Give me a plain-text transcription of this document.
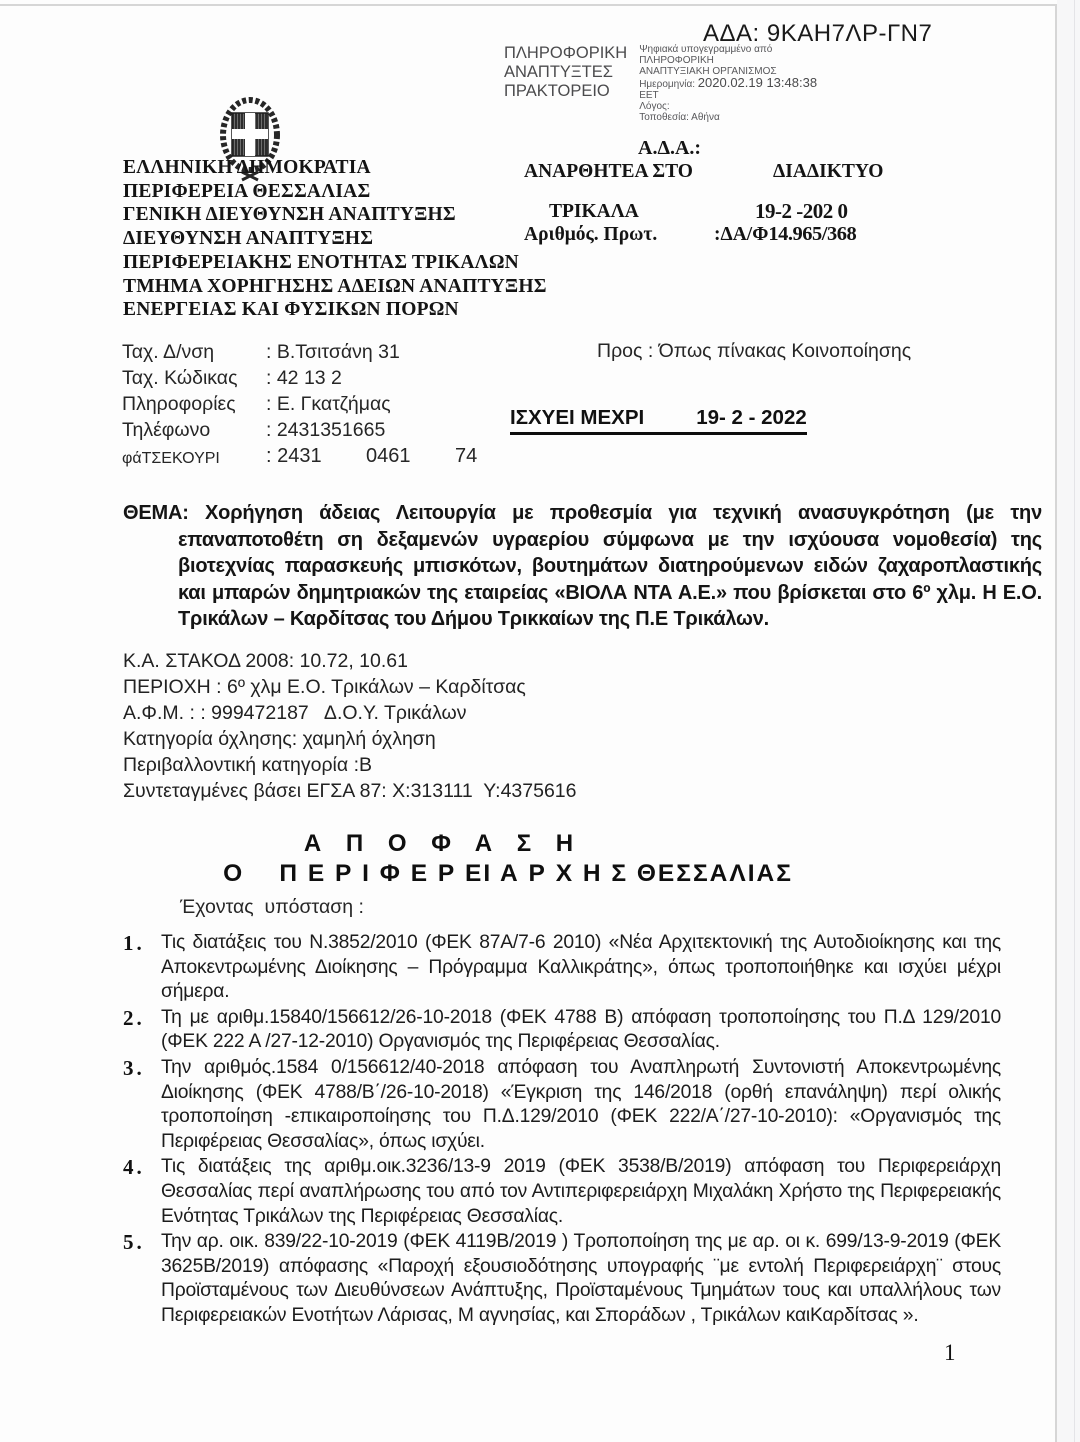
ΑΔΑ: 9ΚΑΗ7ΛΡ-ΓΝ7
ΠΛΗΡΟΦΟΡΙΚΗ
ΑΝΑΠΤΥΞΤΕΣ
ΠΡΑΚΤΟΡΕΙΟ
Ψηφιακά υπογεγραμμένο από
ΠΛΗΡΟΦΟΡΙΚΗ
ΑΝΑΠΤΥΞΙΑΚΗ ΟΡΓΑΝΙΣΜΟΣ
Ημερομηνία: 2020.02.19 13:48:38
EET
Λόγος:
Τοποθεσία: Αθήνα
ΕΛΛΗΝΙΚΗ ΔΗΜΟΚΡΑΤΙΑ
ΠΕΡΙΦΕΡΕΙΑ ΘΕΣΣΑΛΙΑΣ
ΓΕΝΙΚΗ ΔΙΕΥΘΥΝΣΗ ΑΝΑΠΤΥΞΗΣ
ΔΙΕΥΘΥΝΣΗ ΑΝΑΠΤΥΞΗΣ
ΠΕΡΙΦΕΡΕΙΑΚΗΣ ΕΝΟΤΗΤΑΣ ΤΡΙΚΑΛΩΝ
ΤΜΗΜΑ ΧΟΡΗΓΗΣΗΣ ΑΔΕΙΩΝ ΑΝΑΠΤΥΞΗΣ
ΕΝΕΡΓΕΙΑΣ ΚΑΙ ΦΥΣΙΚΩΝ ΠΟΡΩΝ
Α.Δ.Α.:
ΑΝΑΡΘΗΤΕΑ ΣΤΟ	ΔΙΑΔΙΚΤΥΟ
ΤΡΙΚΑΛΑ	19-2 -202 0
Αριθμός. Πρωτ.	:ΔΑ/Φ14.965/368
Ταχ. Δ/νση	: Β.Τσιτσάνη 31
Ταχ. Κώδικας	: 42 13 2
Πληροφορίες	: Ε. Γκατζήμας
Τηλέφωνο	: 2431351665
φάΤΣΕΚΟΥΡΙ	: 2431        0461        74
Προς : Όπως πίνακας Κοινοποίησης
ΙΣΧΥΕΙ ΜΕΧΡΙ	19- 2 - 2022

ΘΕΜΑ: Χορήγηση άδειας Λειτουργία με προθεσμία για τεχνική ανασυγκρότηση (με την επαναποτοθέτη ση δεξαμενών υγραερίου σύμφωνα με την ισχύουσα νομοθεσία) της βιοτεχνίας παρασκευής μπισκότων, βουτημάτων διατηρούμενων ειδών ζαχαροπλαστικής και μπαρών δημητριακών της εταιρείας «ΒΙΟΛΑ ΝΤΑ Α.Ε.» που βρίσκεται στο 6º χλμ. Η Ε.Ο. Τρικάλων – Καρδίτσας του Δήμου Τρικκαίων της Π.Ε Τρικάλων.

Κ.Α. ΣΤΑΚΟΔ 2008: 10.72, 10.61
ΠΕΡΙΟΧΗ : 6º χλμ Ε.Ο. Τρικάλων – Καρδίτσας
Α.Φ.Μ. : : 999472187   Δ.Ο.Υ. Τρικάλων
Κατηγορία όχλησης: χαμηλή όχληση
Περιβαλλοντική κατηγορία :Β
Συντεταγμένες βάσει ΕΓΣΑ 87: Χ:313111  Υ:4375616
Α Π Ο Φ Α Σ Η
Ο    Π Ε Ρ Ι Φ Ε Ρ ΕΙ Α Ρ Χ Η Σ ΘΕΣΣΑΛΙΑΣ
Έχοντας  υπόσταση :
1. Τις διατάξεις του Ν.3852/2010 (ΦΕΚ 87Α/7-6 2010) «Νέα Αρχιτεκτονική της Αυτοδιοίκησης και της Αποκεντρωμένης Διοίκησης – Πρόγραμμα Καλλικράτης», όπως τροποποιήθηκε και ισχύει μέχρι σήμερα.
2. Τη με αριθμ.15840/156612/26-10-2018 (ΦΕΚ 4788 Β) απόφαση τροποποίησης του Π.Δ 129/2010 (ΦΕΚ 222 Α /27-12-2010) Οργανισμός της Περιφέρειας Θεσσαλίας.
3. Την αριθμός.1584 0/156612/40-2018 απόφαση του Αναπληρωτή Συντονιστή Αποκεντρωμένης Διοίκησης (ΦΕΚ 4788/Β΄/26-10-2018) «Έγκριση της 146/2018 (ορθή επανάληψη) περί ολικής τροποποίηση -επικαιροποίησης του Π.Δ.129/2010 (ΦΕΚ 222/Α΄/27-10-2010): «Οργανισμός της Περιφέρειας Θεσσαλίας», όπως ισχύει.
4. Τις διατάξεις της αριθμ.οικ.3236/13-9 2019 (ΦΕΚ 3538/Β/2019) απόφαση του Περιφερειάρχη Θεσσαλίας περί αναπλήρωσης του από τον Αντιπεριφερειάρχη Μιχαλάκη Χρήστο της Περιφερειακής Ενότητας Τρικάλων της Περιφέρειας Θεσσαλίας.
5. Την αρ. οικ. 839/22-10-2019 (ΦΕΚ 4119Β/2019 ) Τροποποίηση της με αρ. οι κ. 699/13-9-2019 (ΦΕΚ 3625Β/2019) απόφασης «Παροχή εξουσιοδότησης υπογραφής ¨με εντολή Περιφερειάρχη¨ στους Προϊσταμένους των Διευθύνσεων Ανάπτυξης, Προϊσταμένους Τμημάτων τους και υπαλλήλους των Περιφερειακών Ενοτήτων Λάρισας, Μ αγνησίας, και Σποράδων , Τρικάλων καιΚαρδίτσας ».
1
